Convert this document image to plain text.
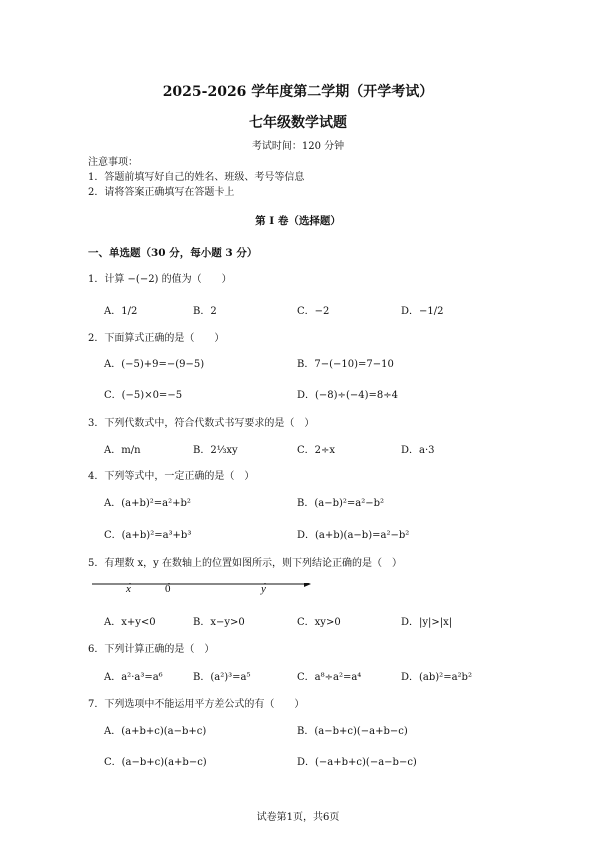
2025-2026 学年度第二学期（开学考试）
七年级数学试题
考试时间：120 分钟
注意事项：
1．答题前填写好自己的姓名、班级、考号等信息
2．请将答案正确填写在答题卡上
第 I 卷（选择题）
一、单选题（30 分，每小题 3 分）
1．计算 −(−2) 的值为（　　）
A．1/2	B．2	C．−2	D．−1/2
2．下面算式正确的是（　　）
A．(−5)+9=−(9−5)	B．7−(−10)=7−10
C．(−5)×0=−5	D．(−8)÷(−4)=8÷4
3．下列代数式中，符合代数式书写要求的是（　）
A．m/n	B．2⅓xy	C．2÷x	D．a·3
4．下列等式中，一定正确的是（　）
A．(a+b)²=a²+b²	B．(a−b)²=a²−b²
C．(a+b)²=a³+b³	D．(a+b)(a−b)=a²−b²
5．有理数 x，y 在数轴上的位置如图所示，则下列结论正确的是（　）
x	0	y
A．x+y<0	B．x−y>0	C．xy>0	D．|y|>|x|
6．下列计算正确的是（　）
A．a²·a³=a⁶	B．(a²)³=a⁵	C．a⁸÷a²=a⁴	D．(ab)²=a²b²
7．下列选项中不能运用平方差公式的有（　　）
A．(a+b+c)(a−b+c)	B．(a−b+c)(−a+b−c)
C．(a−b+c)(a+b−c)	D．(−a+b+c)(−a−b−c)
试卷第1页，共6页
